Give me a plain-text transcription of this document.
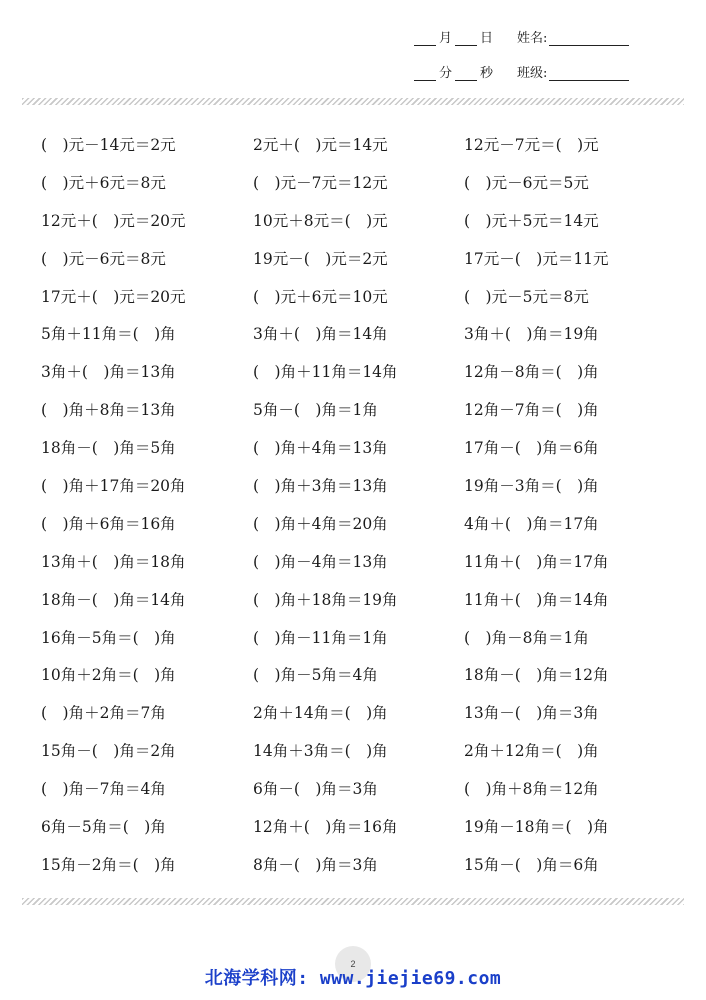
月 日 姓名:
分 秒 班级:
(　)元－14元＝2元	2元＋(　)元＝14元	12元－7元＝(　)元
(　)元＋6元＝8元	(　)元－7元＝12元	(　)元－6元＝5元
12元＋(　)元＝20元	10元＋8元＝(　)元	(　)元＋5元＝14元
(　)元－6元＝8元	19元－(　)元＝2元	17元－(　)元＝11元
17元＋(　)元＝20元	(　)元＋6元＝10元	(　)元－5元＝8元
5角＋11角＝(　)角	3角＋(　)角＝14角	3角＋(　)角＝19角
3角＋(　)角＝13角	(　)角＋11角＝14角	12角－8角＝(　)角
(　)角＋8角＝13角	5角－(　)角＝1角	12角－7角＝(　)角
18角－(　)角＝5角	(　)角＋4角＝13角	17角－(　)角＝6角
(　)角＋17角＝20角	(　)角＋3角＝13角	19角－3角＝(　)角
(　)角＋6角＝16角	(　)角＋4角＝20角	4角＋(　)角＝17角
13角＋(　)角＝18角	(　)角－4角＝13角	11角＋(　)角＝17角
18角－(　)角＝14角	(　)角＋18角＝19角	11角＋(　)角＝14角
16角－5角＝(　)角	(　)角－11角＝1角	(　)角－8角＝1角
10角＋2角＝(　)角	(　)角－5角＝4角	18角－(　)角＝12角
(　)角＋2角＝7角	2角＋14角＝(　)角	13角－(　)角＝3角
15角－(　)角＝2角	14角＋3角＝(　)角	2角＋12角＝(　)角
(　)角－7角＝4角	6角－(　)角＝3角	(　)角＋8角＝12角
6角－5角＝(　)角	12角＋(　)角＝16角	19角－18角＝(　)角
15角－2角＝(　)角	8角－(　)角＝3角	15角－(　)角＝6角
2
北海学科网: www.jiejie69.com
